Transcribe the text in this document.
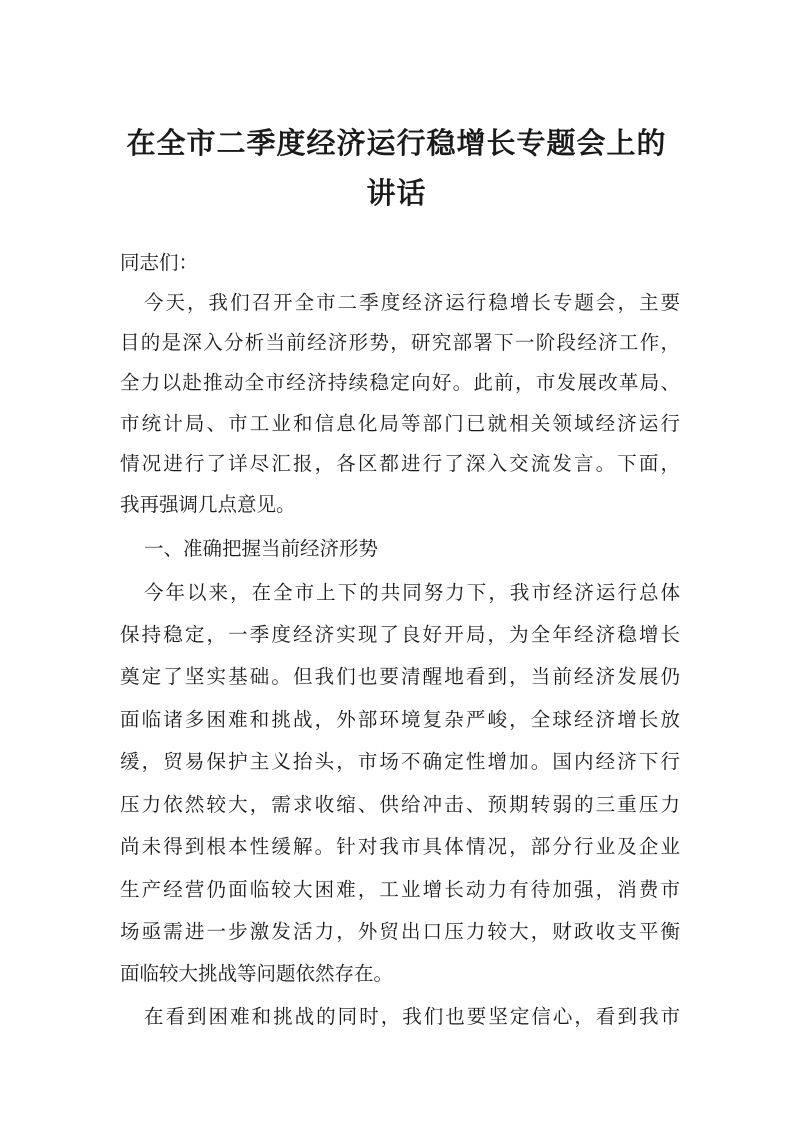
在全市二季度经济运行稳增长专题会上的
讲话
同志们：
今天，我们召开全市二季度经济运行稳增长专题会，主要
目的是深入分析当前经济形势，研究部署下一阶段经济工作，
全力以赴推动全市经济持续稳定向好。此前，市发展改革局、
市统计局、市工业和信息化局等部门已就相关领域经济运行
情况进行了详尽汇报，各区都进行了深入交流发言。下面，
我再强调几点意见。
一、准确把握当前经济形势
今年以来，在全市上下的共同努力下，我市经济运行总体
保持稳定，一季度经济实现了良好开局，为全年经济稳增长
奠定了坚实基础。但我们也要清醒地看到，当前经济发展仍
面临诸多困难和挑战，外部环境复杂严峻，全球经济增长放
缓，贸易保护主义抬头，市场不确定性增加。国内经济下行
压力依然较大，需求收缩、供给冲击、预期转弱的三重压力
尚未得到根本性缓解。针对我市具体情况，部分行业及企业
生产经营仍面临较大困难，工业增长动力有待加强，消费市
场亟需进一步激发活力，外贸出口压力较大，财政收支平衡
面临较大挑战等问题依然存在。
在看到困难和挑战的同时，我们也要坚定信心，看到我市
